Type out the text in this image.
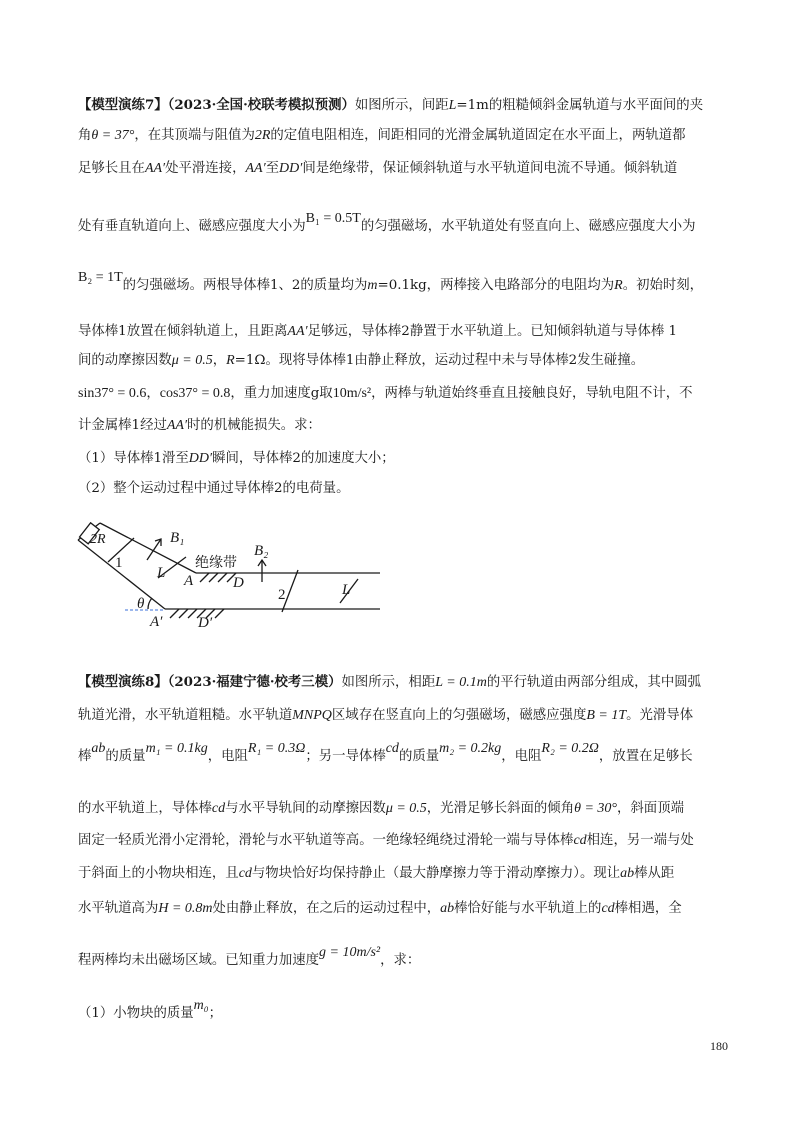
【模型演练7】（2023·全国·校联考模拟预测）如图所示，间距L=1m的粗糙倾斜金属轨道与水平面间的夹
角θ = 37°，在其顶端与阻值为2R的定值电阻相连，间距相同的光滑金属轨道固定在水平面上，两轨道都
足够长且在AA′处平滑连接，AA′至DD′间是绝缘带，保证倾斜轨道与水平轨道间电流不导通。倾斜轨道
处有垂直轨道向上、磁感应强度大小为B₁ = 0.5T的匀强磁场，水平轨道处有竖直向上、磁感应强度大小为
B₂ = 1T的匀强磁场。两根导体棒1、2的质量均为m=0.1kg，两棒接入电路部分的电阻均为R。初始时刻，
导体棒1放置在倾斜轨道上，且距离AA′足够远，导体棒2静置于水平轨道上。已知倾斜轨道与导体棒 1
间的动摩擦因数μ = 0.5，R=1Ω。现将导体棒1由静止释放，运动过程中未与导体棒2发生碰撞。
sin37° = 0.6，cos37° = 0.8，重力加速度g取10m/s²，两棒与轨道始终垂直且接触良好，导轨电阻不计，不
计金属棒1经过AA′时的机械能损失。求：
（1）导体棒1滑至DD′瞬间，导体棒2的加速度大小；
（2）整个运动过程中通过导体棒2的电荷量。
2R
1
B₁
L
绝缘带
A	D
B₂
2	L
θ
A′ D′
【模型演练8】（2023·福建宁德·校考三模）如图所示，相距L = 0.1m的平行轨道由两部分组成，其中圆弧
轨道光滑，水平轨道粗糙。水平轨道MNPQ区域存在竖直向上的匀强磁场，磁感应强度B = 1T。光滑导体
棒ab的质量m₁ = 0.1kg，电阻R₁ = 0.3Ω；另一导体棒cd的质量m₂ = 0.2kg，电阻R₂ = 0.2Ω，放置在足够长
的水平轨道上，导体棒cd与水平导轨间的动摩擦因数μ = 0.5，光滑足够长斜面的倾角θ = 30°，斜面顶端
固定一轻质光滑小定滑轮，滑轮与水平轨道等高。一绝缘轻绳绕过滑轮一端与导体棒cd相连，另一端与处
于斜面上的小物块相连，且cd与物块恰好均保持静止（最大静摩擦力等于滑动摩擦力）。现让ab棒从距
水平轨道高为H = 0.8m处由静止释放，在之后的运动过程中，ab棒恰好能与水平轨道上的cd棒相遇，全
程两棒均未出磁场区域。已知重力加速度g = 10m/s²，求：
（1）小物块的质量m₀；
180
